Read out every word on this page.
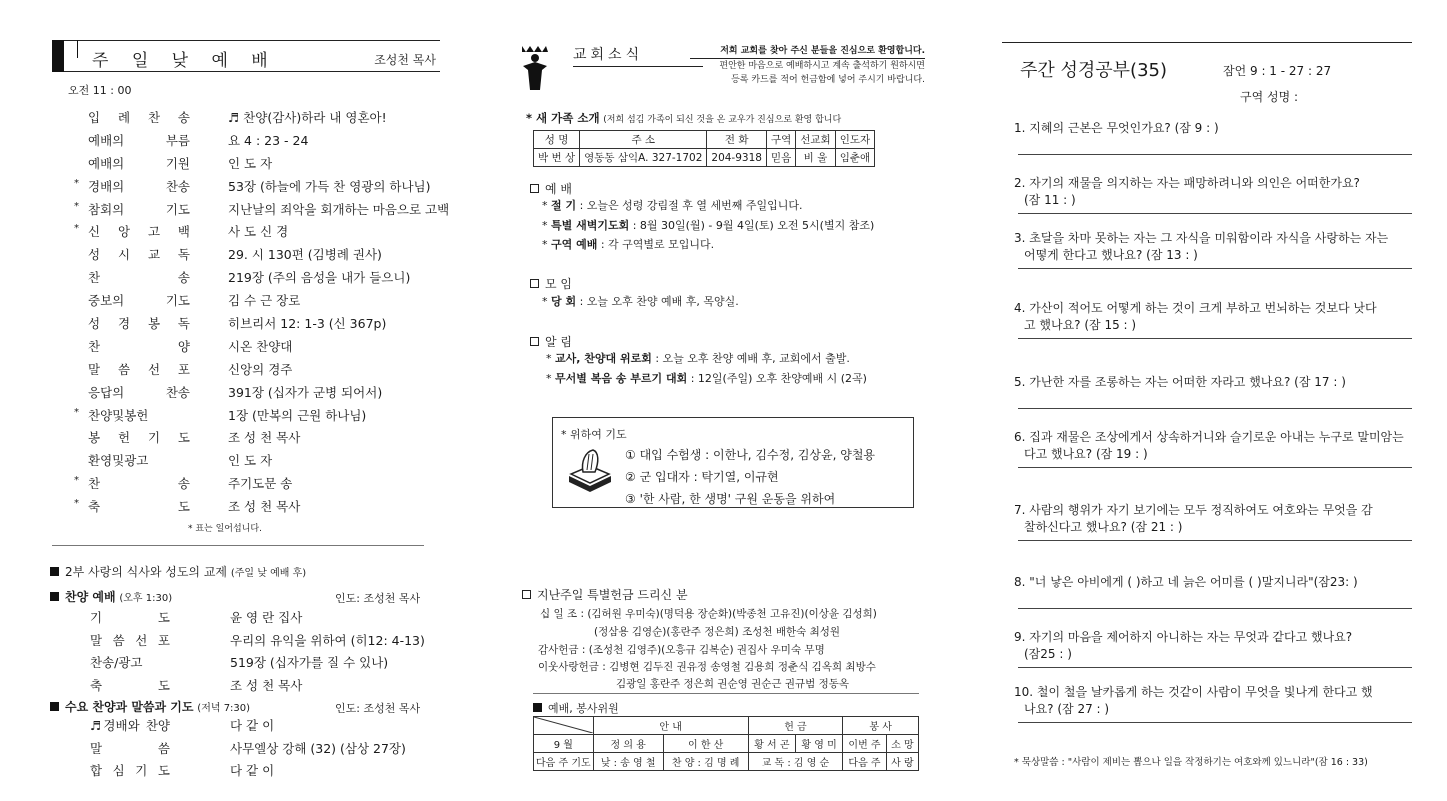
주 일 낮 예 배	조성천 목사
오전 11 : 00
입 례 찬 송	♬ 찬양(감사)하라 내 영혼아!
예배의 부름	요 4 : 23 - 24
예배의 기원	인 도 자
* 경배의 찬송	53장 (하늘에 가득 찬 영광의 하나님)
* 참회의 기도	지난날의 죄악을 회개하는 마음으로 고백
* 신 앙 고 백	사 도 신 경
성 시 교 독	29. 시 130편 (김병례 권사)
찬 송	219장 (주의 음성을 내가 들으니)
중보의 기도	김 수 근 장로
성 경 봉 독	히브리서 12: 1-3 (신 367p)
찬 양	시온 찬양대
말 씀 선 포	신앙의 경주
응답의 찬송	391장 (십자가 군병 되어서)
* 찬양및봉헌	1장 (만복의 근원 하나님)
봉 헌 기 도	조 성 천 목사
환영및광고	인 도 자
* 찬 송	주기도문 송
* 축 도	조 성 천 목사
* 표는 일어섭니다.
2부 사랑의 식사와 성도의 교제 (주일 낮 예배 후)
찬양 예배 (오후 1:30)	인도: 조성천 목사
기 도	윤 영 란 집사
말 씀 선 포	우리의 유익을 위하여 (히12: 4-13)
찬송/광고	519장 (십자가를 질 수 있나)
축 도	조 성 천 목사
수요 찬양과 말씀과 기도 (저녁 7:30)	인도: 조성천 목사
♬경배와 찬양	다 같 이
말 씀	사무엘상 강해 (32) (삼상 27장)
합 심 기 도	다 같 이
교회소식	저희 교회를 찾아 주신 분들을 진심으로 환영합니다.
편안한 마음으로 예배하시고 계속 출석하기 원하시면
등록 카드를 적어 헌금함에 넣어 주시기 바랍니다.
* 새 가족 소개 (저희 섬김 가족이 되신 것을 온 교우가 진심으로 환영 합니다
성 명	주 소	전 화	구역	선교회	인도자
박 번 상	영동동 삼익A. 327-1702	204-9318	믿음	비 울	임춘애
예 배
* 절 기 : 오늘은 성령 강림절 후 열 세번째 주일입니다.
* 특별 새벽기도회 : 8월 30일(월) - 9월 4일(토) 오전 5시(별지 참조)
* 구역 예배 : 각 구역별로 모입니다.
모 임
* 당 회 : 오늘 오후 찬양 예배 후, 목양실.
알 림
* 교사, 찬양대 위로회 : 오늘 오후 찬양 예배 후, 교회에서 출발.
* 무서별 복음 송 부르기 대회 : 12일(주일) 오후 찬양예배 시 (2곡)
* 위하여 기도
① 대입 수험생 : 이한나, 김수정, 김상윤, 양철용
② 군 입대자 : 탁기열, 이규현
③ '한 사람, 한 생명' 구원 운동을 위하여
지난주일 특별헌금 드리신 분
십 일 조 : (김허원 우미숙)(명덕용 장순화)(박종천 고유진)(이상윤 김성희)
(정삼용 김영순)(홍란주 정은희) 조성천 배한숙 최성원
감사헌금 : (조성천 김영주)(오흥규 김복순) 권집사 우미숙 무명
이웃사랑헌금 : 김병현 김두진 권유정 송영철 김용희 정춘식 김옥희 최방수
김광일 홍란주 정은희 권순영 권순근 권규범 정동옥
예배, 봉사위원
	안 내		헌 금		봉 사	
9 월	정 의 용	이 한 산	황 서 곤	황 영 미	이번 주	소 망
다음 주 기도	낮 : 송 영 철	찬 양 : 김 명 례	교 독 : 김 영 순		다음 주	사 랑
주간 성경공부(35)	잠언 9 : 1 - 27 : 27
구역 성명 :
1. 지혜의 근본은 무엇인가요? (잠 9 : )
2. 자기의 재물을 의지하는 자는 패망하려니와 의인은 어떠한가요?
(잠 11 : )
3. 초달을 차마 못하는 자는 그 자식을 미워함이라 자식을 사랑하는 자는
어떻게 한다고 했나요? (잠 13 : )
4. 가산이 적어도 어떻게 하는 것이 크게 부하고 번뇌하는 것보다 낫다
고 했나요? (잠 15 : )
5. 가난한 자를 조롱하는 자는 어떠한 자라고 했나요? (잠 17 : )
6. 집과 재물은 조상에게서 상속하거니와 슬기로운 아내는 누구로 말미암는
다고 했나요? (잠 19 : )
7. 사람의 행위가 자기 보기에는 모두 정직하여도 여호와는 무엇을 감
찰하신다고 했나요? (잠 21 : )
8. "너 낳은 아비에게 ( )하고 네 늙은 어미를 ( )말지니라"(잠23: )
9. 자기의 마음을 제어하지 아니하는 자는 무엇과 같다고 했나요?
(잠25 : )
10. 철이 철을 날카롭게 하는 것같이 사람이 무엇을 빛나게 한다고 했
나요? (잠 27 : )
* 묵상말씀 : "사람이 제비는 뽑으나 일을 작정하기는 여호와께 있느니라"(잠 16 : 33)
